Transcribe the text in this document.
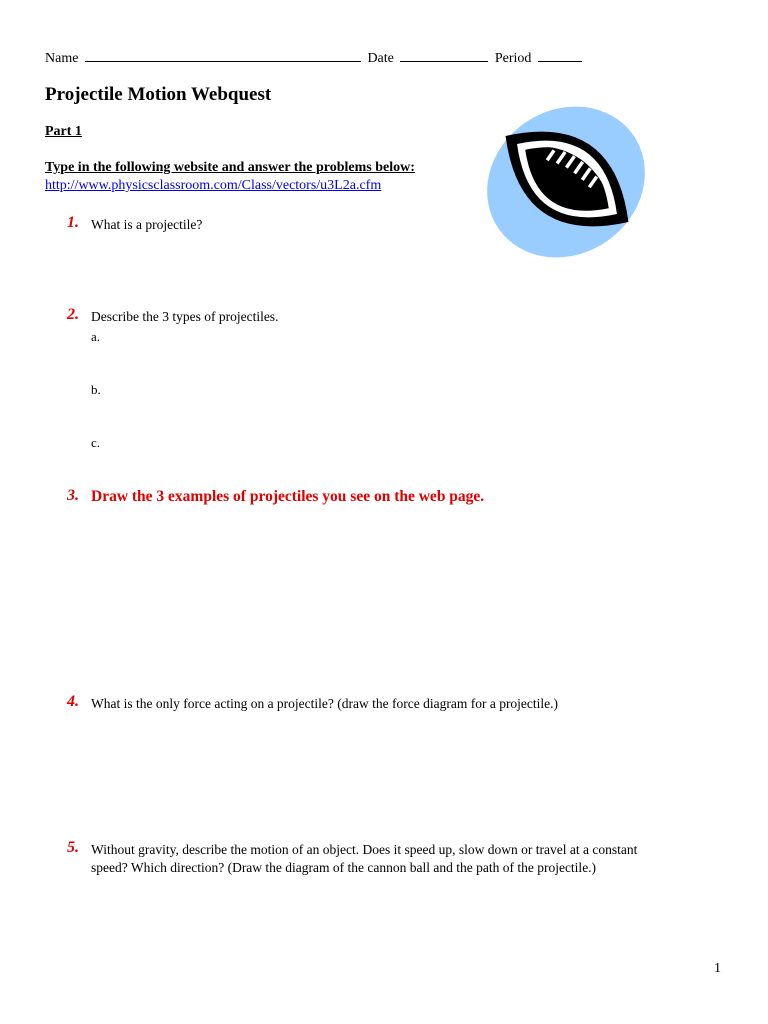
Name	Date	Period
Projectile Motion Webquest
Part 1
Type in the following website and answer the problems below:
http://www.physicsclassroom.com/Class/vectors/u3L2a.cfm
1. What is a projectile?
2. Describe the 3 types of projectiles.
a.
b.
c.
3. Draw the 3 examples of projectiles you see on the web page.
4. What is the only force acting on a projectile? (draw the force diagram for a projectile.)
5. Without gravity, describe the motion of an object. Does it speed up, slow down or travel at a constant
speed? Which direction? (Draw the diagram of the cannon ball and the path of the projectile.)
1
